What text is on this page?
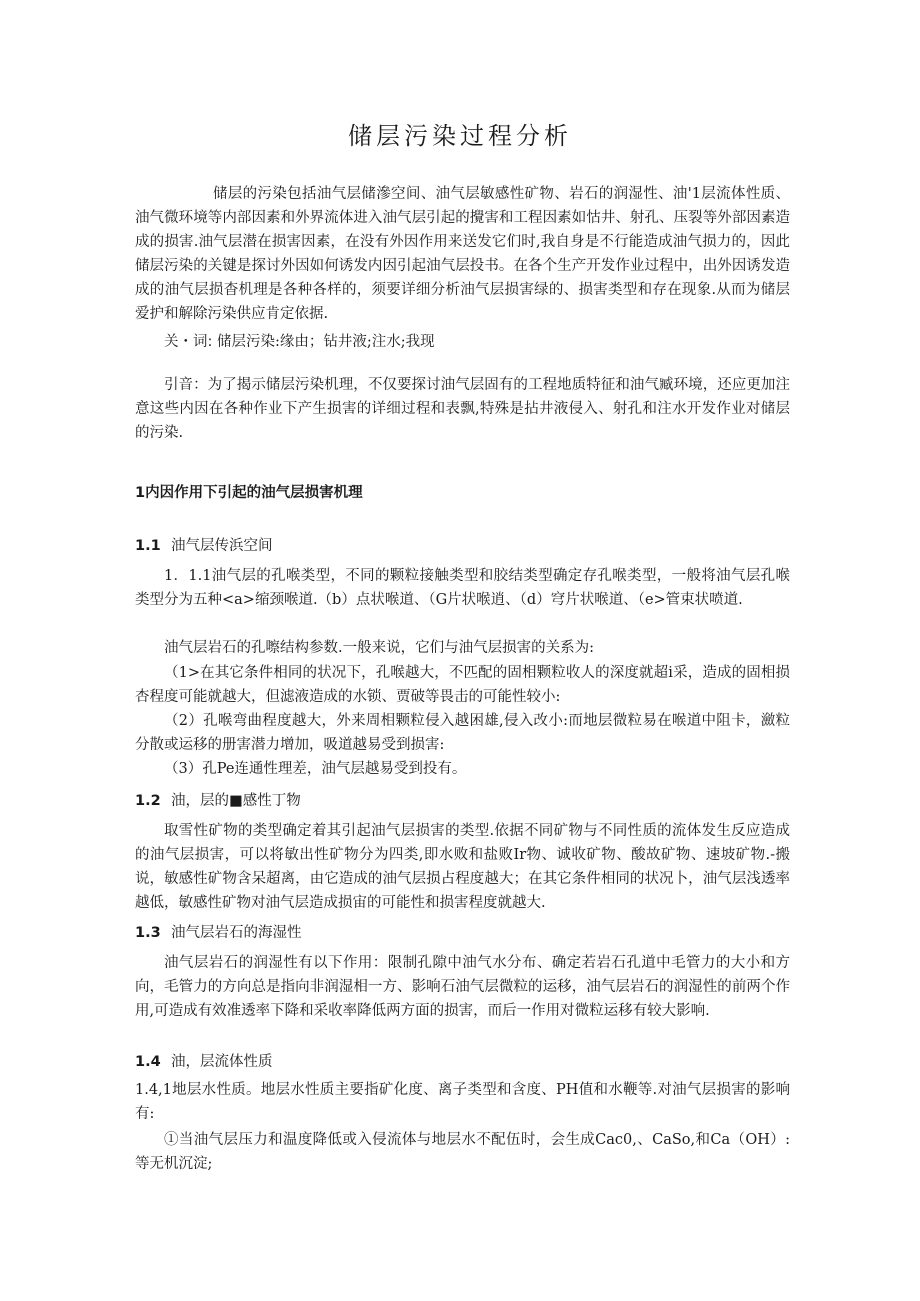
储层污染过程分析
储层的污染包括油气层储滲空间、油气层敏感性矿物、岩石的润湿性、油'1层流体性质、油气微环境等内部因素和外界流体进入油气层引起的攪害和工程因素如怙井、射孔、压裂等外部因素造成的损害.油气层潜在损害因素，在没有外因作用来送发它们时,我自身是不行能造成油气损力的，因此储层污染的关键是探讨外因如何诱发内因引起油气层投书。在各个生产开发作业过程中，出外因诱发造成的油气层损杳机理是各种各样的，须要详细分析油气层损害绿的、损害类型和存在现象.从而为储层爱护和解除污染供应肯定依据.
关・词: 储层污染:缘由；钻井液;注水;我现
引音：为了揭示储层污染机理，不仅要探讨油气层固有的工程地质特征和油气臧环境，还应更加注意这些内因在各种作业下产生损害的详细过程和表飘,特殊是拈井液侵入、射孔和注水开发作业对储层的污染.
1内因作用下引起的油气层损害机理
1.1 油气层传浜空间
1．1.1油气层的孔喉类型，不同的颗粒接触类型和胶结类型确定存孔喉类型，一般将油气层孔喉类型分为五种<a>缩颈喉道.（b）点状喉道、（G片状喉逍、（d）穹片状喉道、（e>管束状喷道.
油气层岩石的孔嚓结构参数.一般来说，它们与油气层损害的关系为:
（1>在其它条件相同的状况下，孔喉越大，不匹配的固相颗粒收人的深度就超i采，造成的固相损杏程度可能就越大，但滤液造成的水锁、贾破等畏击的可能性较小:
（2）孔喉弯曲程度越大，外来周相颗粒侵入越困雄,侵入改小:而地层微粒易在喉道中阻卡，瀲粒分散或运移的册害潜力增加，吸道越易受到损害:
（3）孔Pe连通性理差，油气层越易受到投有。
1.2 油，层的■感性丁物
取雪性矿物的类型确定着其引起油气层损害的类型.依据不同矿物与不同性质的流体发生反应造成的油气层损害，可以将敏出性矿物分为四类,即水败和盐败Ir物、诚收矿物、酸故矿物、速坡矿物.-搬说，敏感性矿物含呆超离，由它造成的油气层损占程度越大；在其它条件相同的状况卜，油气层浅透率越低，敏感性矿物对油气层造成损宙的可能性和损害程度就越大.
1.3 油气层岩石的海湿性
油气层岩石的润湿性有以下作用：限制孔隙中油气水分布、确定若岩石孔道中毛管力的大小和方向，毛管力的方向总是指向非润湿相一方、影响石油气层微粒的运移，油气层岩石的润湿性的前两个作用,可造成有效准透率下降和采收率降低两方面的损害，而后一作用对微粒运移有较大影响.
1.4 油，层流体性质
1.4,1地层水性质。地层水性质主要指矿化度、离子类型和含度、PH值和水鞭等.对油气层损害的影响有:
①当油气层压力和温度降低或入侵流体与地层水不配伍时，会生成Cac0,、CaSo,和Ca（OH）:等无机沉淀;
